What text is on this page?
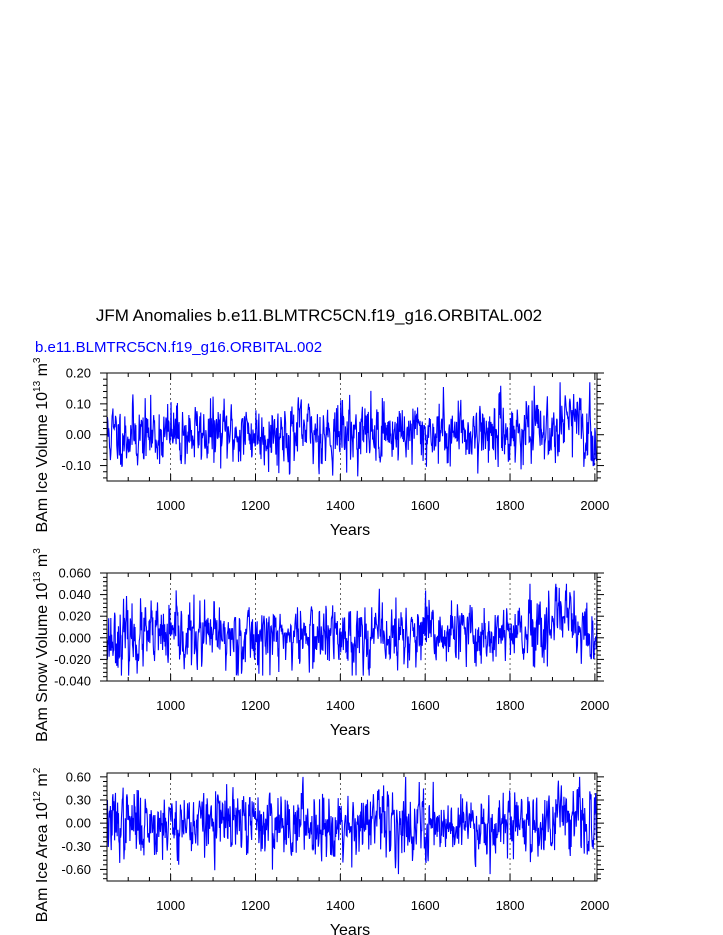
JFM Anomalies b.e11.BLMTRC5CN.f19_g16.ORBITAL.002
b.e11.BLMTRC5CN.f19_g16.ORBITAL.002
1000	1200	1400	1600	1800	2000
-0.10
0.00
0.10
0.20
Years
BAm Ice Volume $10^{13}$ $m^3$
1000	1200	1400	1600	1800	2000
-0.040
-0.020
0.000
0.020
0.040
0.060
Years
BAm Snow Volume $10^{13}$ $m^3$
1000	1200	1400	1600	1800	2000
-0.60
-0.30
0.00
0.30
0.60
Years
BAm Ice Area $10^{12}$ $m^2$
